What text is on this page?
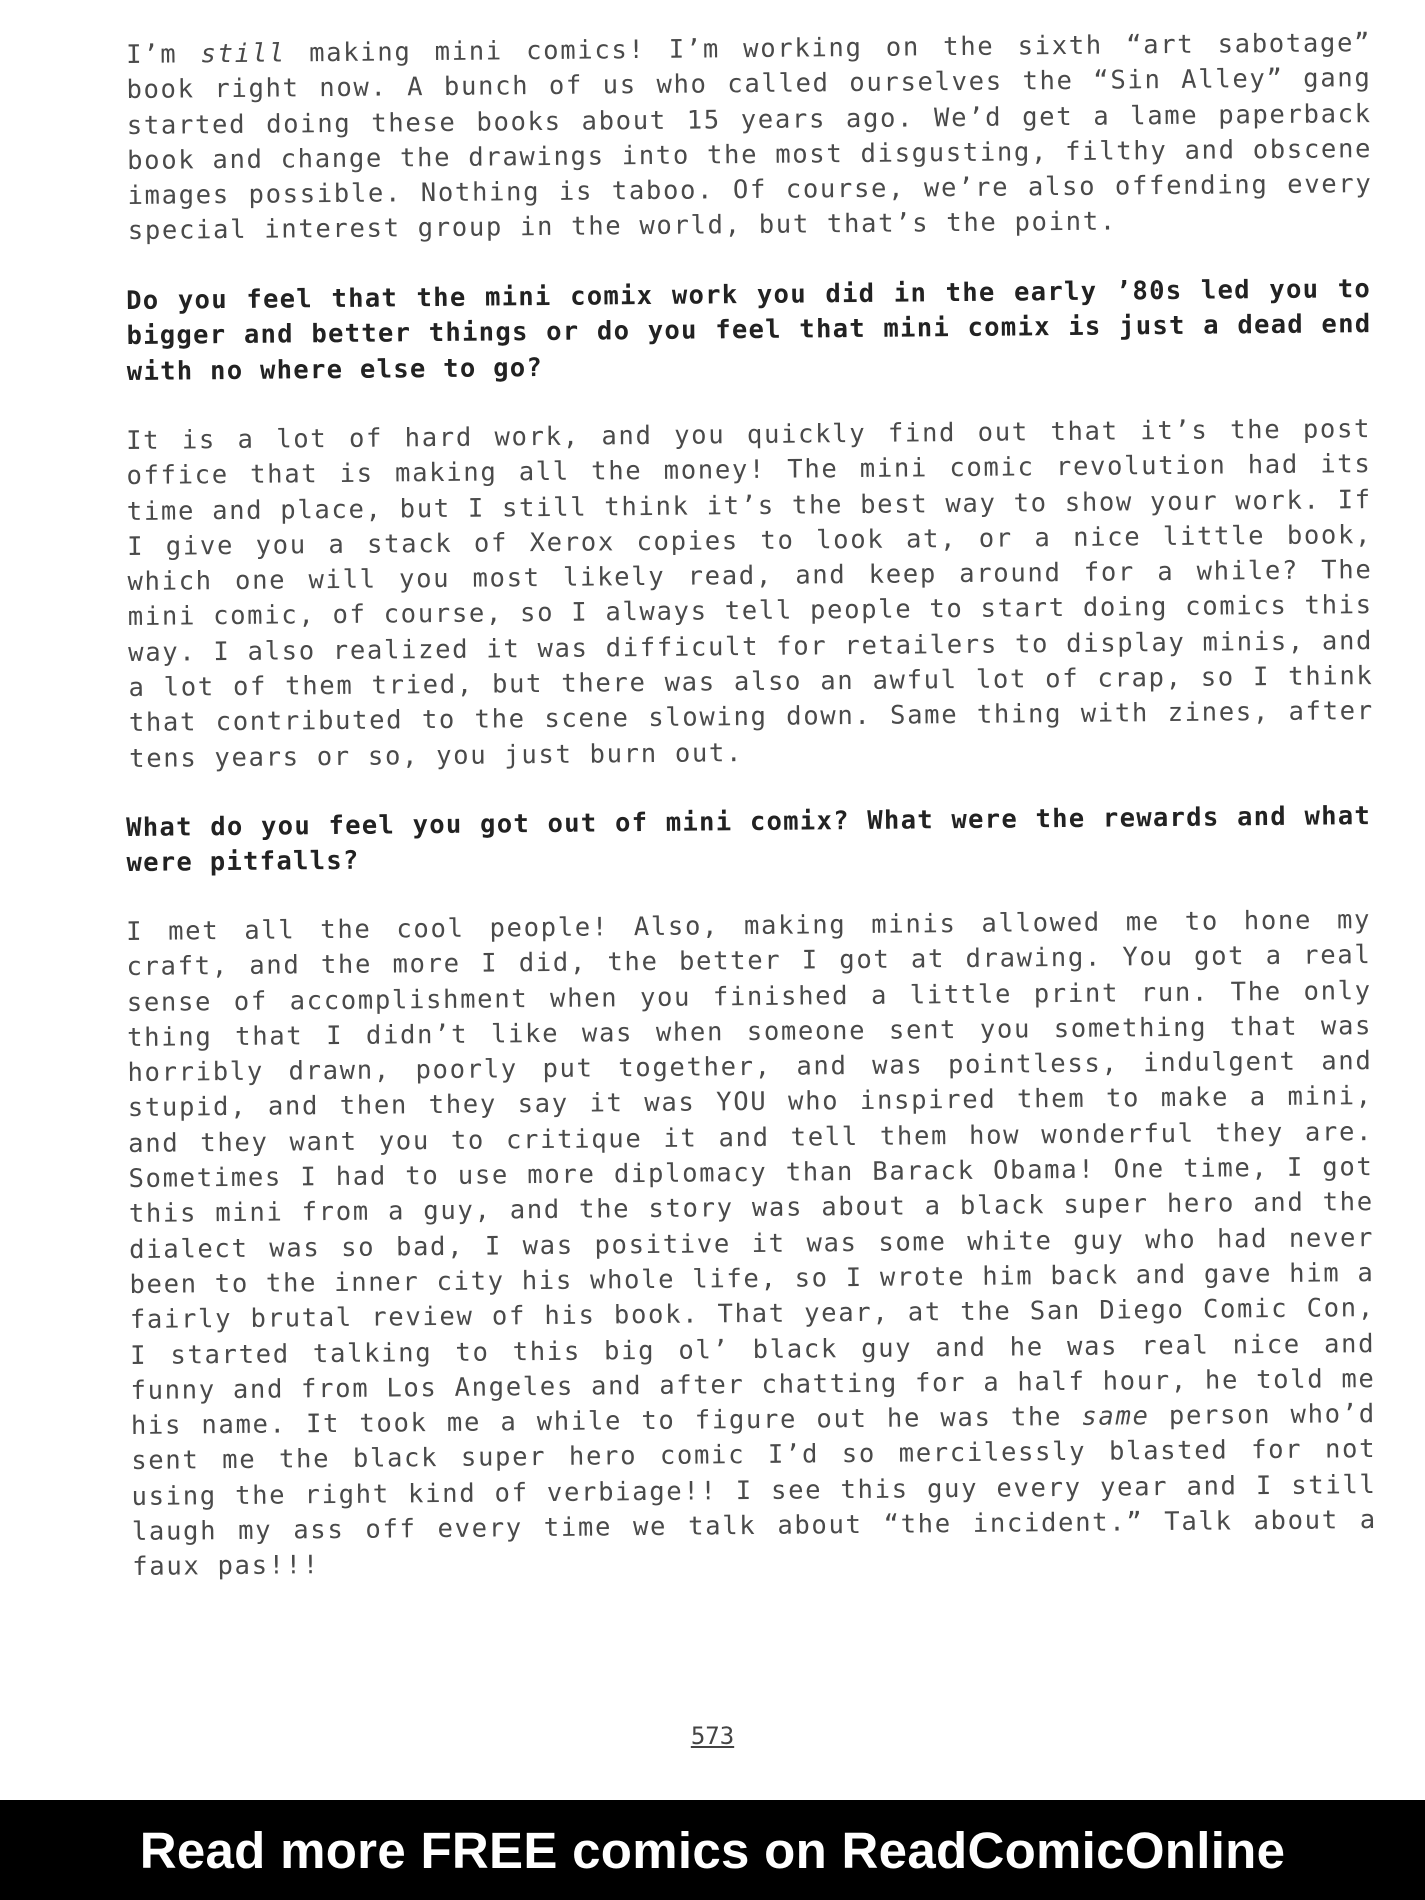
I’m still making mini comics! I’m working on the sixth “art sabotage” book right now. A bunch of us who called ourselves the “Sin Alley” gang started doing these books about 15 years ago. We’d get a lame paperback book and change the drawings into the most disgusting, filthy and obscene images possible. Nothing is taboo. Of course, we’re also offending every special interest group in the world, but that’s the point.

Do you feel that the mini comix work you did in the early ’80s led you to bigger and better things or do you feel that mini comix is just a dead end with no where else to go?

It is a lot of hard work, and you quickly find out that it’s the post office that is making all the money! The mini comic revolution had its time and place, but I still think it’s the best way to show your work. If I give you a stack of Xerox copies to look at, or a nice little book, which one will you most likely read, and keep around for a while? The mini comic, of course, so I always tell people to start doing comics this way. I also realized it was difficult for retailers to display minis, and a lot of them tried, but there was also an awful lot of crap, so I think that contributed to the scene slowing down. Same thing with zines, after tens years or so, you just burn out.

What do you feel you got out of mini comix? What were the rewards and what were pitfalls?

I met all the cool people! Also, making minis allowed me to hone my craft, and the more I did, the better I got at drawing. You got a real sense of accomplishment when you finished a little print run. The only thing that I didn’t like was when someone sent you something that was horribly drawn, poorly put together, and was pointless, indulgent and stupid, and then they say it was YOU who inspired them to make a mini, and they want you to critique it and tell them how wonderful they are. Sometimes I had to use more diplomacy than Barack Obama! One time, I got this mini from a guy, and the story was about a black super hero and the dialect was so bad, I was positive it was some white guy who had never been to the inner city his whole life, so I wrote him back and gave him a fairly brutal review of his book. That year, at the San Diego Comic Con, I started talking to this big ol’ black guy and he was real nice and funny and from Los Angeles and after chatting for a half hour, he told me his name. It took me a while to figure out he was the same person who’d sent me the black super hero comic I’d so mercilessly blasted for not using the right kind of verbiage!! I see this guy every year and I still laugh my ass off every time we talk about “the incident.” Talk about a faux pas!!!

573
Read more FREE comics on ReadComicOnline
